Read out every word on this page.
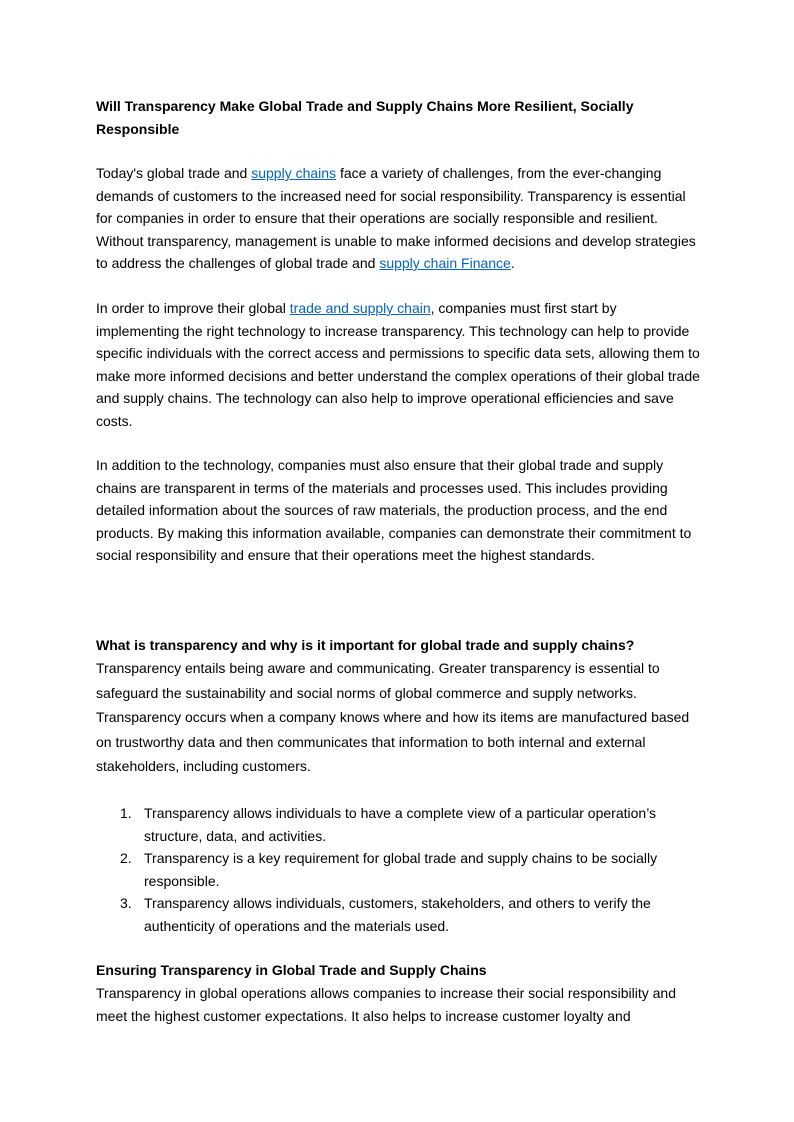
Will Transparency Make Global Trade and Supply Chains More Resilient, Socially Responsible

Today's global trade and supply chains face a variety of challenges, from the ever-changing demands of customers to the increased need for social responsibility. Transparency is essential for companies in order to ensure that their operations are socially responsible and resilient. Without transparency, management is unable to make informed decisions and develop strategies to address the challenges of global trade and supply chain Finance.

In order to improve their global trade and supply chain, companies must first start by implementing the right technology to increase transparency. This technology can help to provide specific individuals with the correct access and permissions to specific data sets, allowing them to make more informed decisions and better understand the complex operations of their global trade and supply chains. The technology can also help to improve operational efficiencies and save costs.

In addition to the technology, companies must also ensure that their global trade and supply chains are transparent in terms of the materials and processes used. This includes providing detailed information about the sources of raw materials, the production process, and the end products. By making this information available, companies can demonstrate their commitment to social responsibility and ensure that their operations meet the highest standards.

What is transparency and why is it important for global trade and supply chains?

Transparency entails being aware and communicating. Greater transparency is essential to safeguard the sustainability and social norms of global commerce and supply networks. Transparency occurs when a company knows where and how its items are manufactured based on trustworthy data and then communicates that information to both internal and external stakeholders, including customers.

1. Transparency allows individuals to have a complete view of a particular operation’s structure, data, and activities.
2. Transparency is a key requirement for global trade and supply chains to be socially responsible.
3. Transparency allows individuals, customers, stakeholders, and others to verify the authenticity of operations and the materials used.
Ensuring Transparency in Global Trade and Supply Chains

Transparency in global operations allows companies to increase their social responsibility and meet the highest customer expectations. It also helps to increase customer loyalty and
